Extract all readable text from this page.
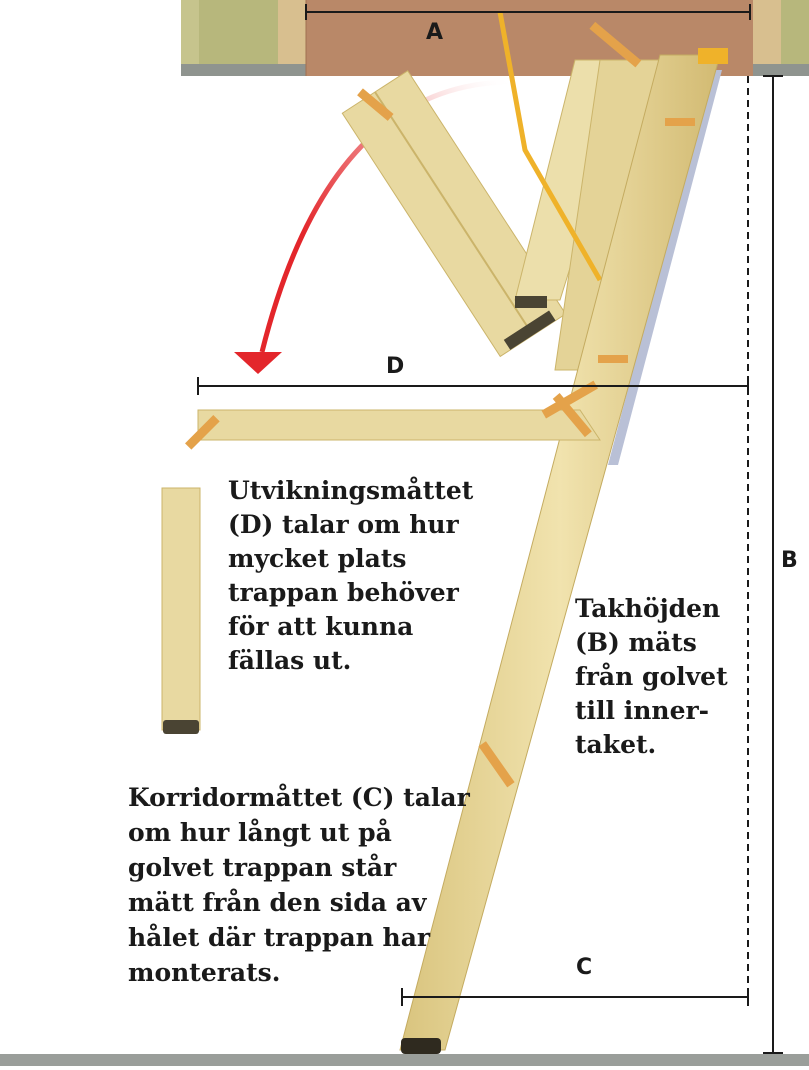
A
D
B
C

Utvikningsmåttet
(D) talar om hur
mycket plats
trappan behöver
för att kunna
fällas ut.

Takhöjden
(B) mäts
från golvet
till inner-
taket.

Korridormåttet (C) talar
om hur långt ut på
golvet trappan står
mätt från den sida av
hålet där trappan har
monterats.
